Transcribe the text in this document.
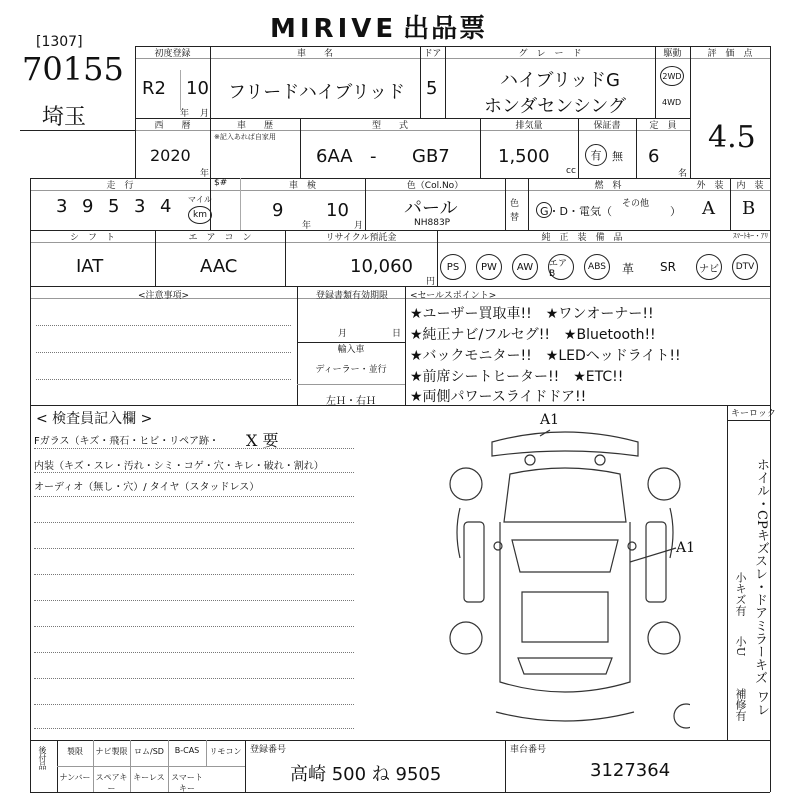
MIRIVE 出品票
[1307]
70155
埼玉
初度登録
R2 10
年 月
車　　名
フリードハイブリッド
ドア
5
グ　レ　ー　ド
ハイブリッドG
ホンダセンシング
駆動
2WD
4WD
評　価　点
4.5
西　　暦
2020
年
車　　歴
※記入あれば自家用
型　　式
6AA - GB7
排気量
1,500
cc
保証書
有 無
定　員
6
名
走　行	$#
3 9 5 3 4 マイル
km
車　検
9 10
年	月
色（Col.No）
パール
NH883P
色
替
燃　料
G・D・電気（
その他
）
外　装
A
内　装
B
シ　フ　ト
IAT
エ　ア　コ　ン
AAC
リサイクル預託金
10,060
円
純　正　装　備　品	ｽﾏｰﾄｷｰ・ｱﾘ
PS	PW	AW	エアB
ABS	革 SR	ナビ	DTV
<注意事項>	登録書類有効期限
月	日
輸入車
ディーラー・並行
左Ｈ・右Ｈ
<セールスポイント>
★ユーザー買取車!!　★ワンオーナー!!
★純正ナビ/フルセグ!!　★Bluetooth!!
★バックモニター!!　★LEDヘッドライト!!
★前席シートヒーター!!　★ETC!!
★両側パワースライドドア!!
< 検査員記入欄 >
Fガラス（キズ・飛石・ヒビ・リペア跡・ X 要
内装（キズ・スレ・汚れ・シミ・コゲ・穴・キレ・破れ・割れ）
オーディオ（無し・穴）/ タイヤ（スタッドレス）
A1
A1
キーロック
ホイル・CPキズ
スレ・ドアミラーキズ
ワレ
小キズ有
小U
補修有
後付品	製限	ナビ製限 ロム/SD	B-CAS	リモコン
ナンバー スペアキー
キーレス スマートキー
登録番号
高崎 500 ね 9505
車台番号
3127364
